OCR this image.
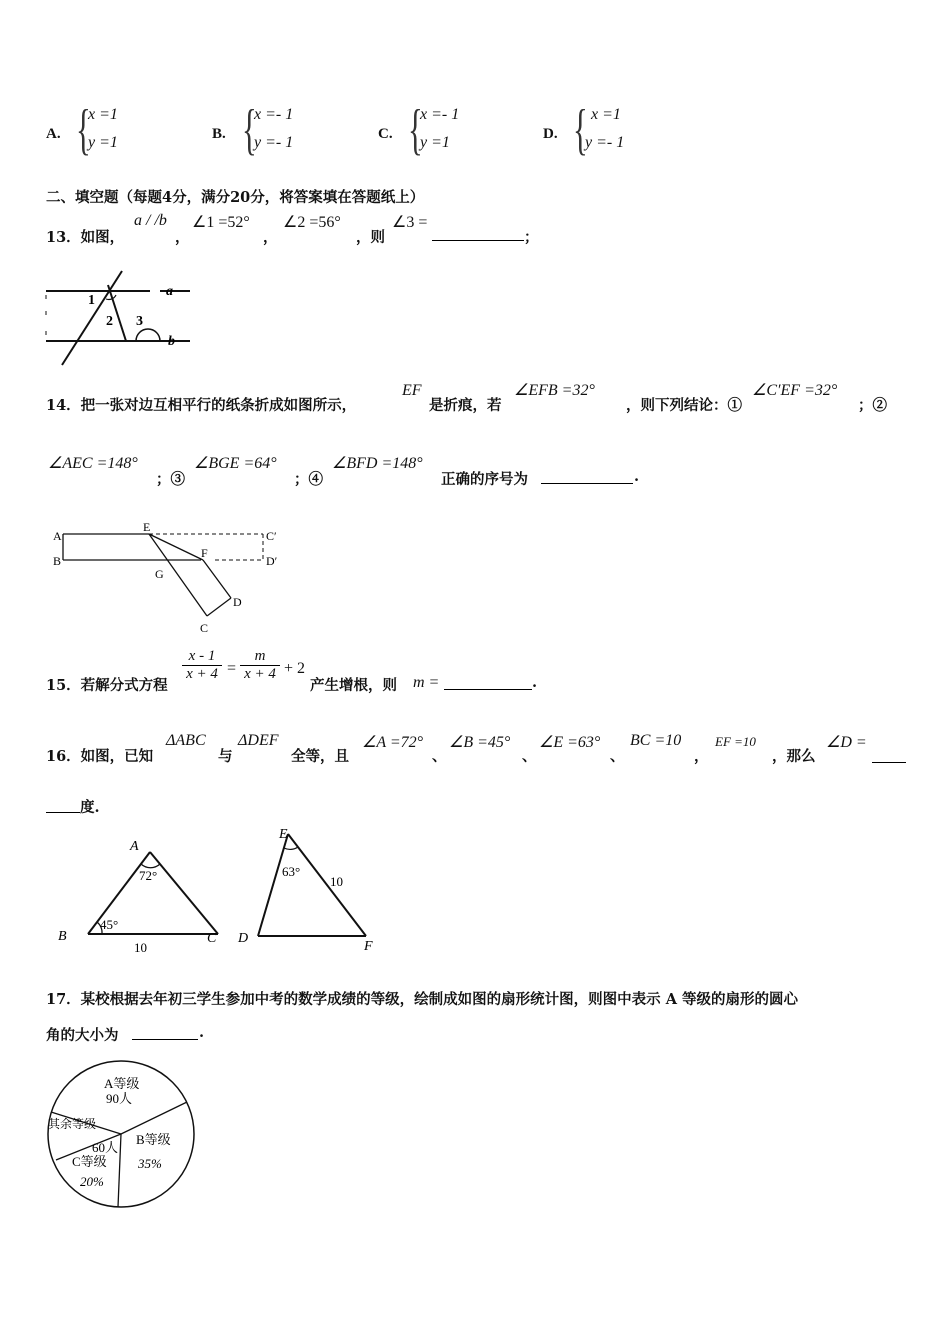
A. {
x =1
y =1	B. {
x =- 1
y =- 1	C. {
x =- 1
y =1	D. { x =1
y =- 1
二、填空题（每题4分，满分20分，将答案填在答题纸上）
13．如图，
a / /b
，
∠1 =52°
，
∠2 =56°
，则
∠3 =
；
a
b
1
2 3
14．把一张对边互相平行的纸条折成如图所示，
EF
是折痕，若
∠EFB =32°
，则下列结论：①
∠C′EF =32°
；②
∠AEC =148°
；③
∠BGE =64°
；④
∠BFD =148°
正确的序号为	.
A
B
E
F
G
D
C
C′
D′
15．若解分式方程
$\frac{x - 1}{x + 4} = \frac{m}{x + 4} + 2$
产生增根，则 m =	.
16．如图，已知
ΔABC
与
ΔDEF
全等，且
∠A =72°
、
∠B =45°
、
∠E =63°
、
BC =10
，
EF =10
，那么
∠D =
度.
A
B	C
72°
45°
10
E
D
F
63°
10
17．某校根据去年初三学生参加中考的数学成绩的等级，绘制成如图的扇形统计图，则图中表示 A 等级的扇形的圆心
角的大小为	.
A等级
90人
其余等级
60人
B等级
35%
C等级
20%
